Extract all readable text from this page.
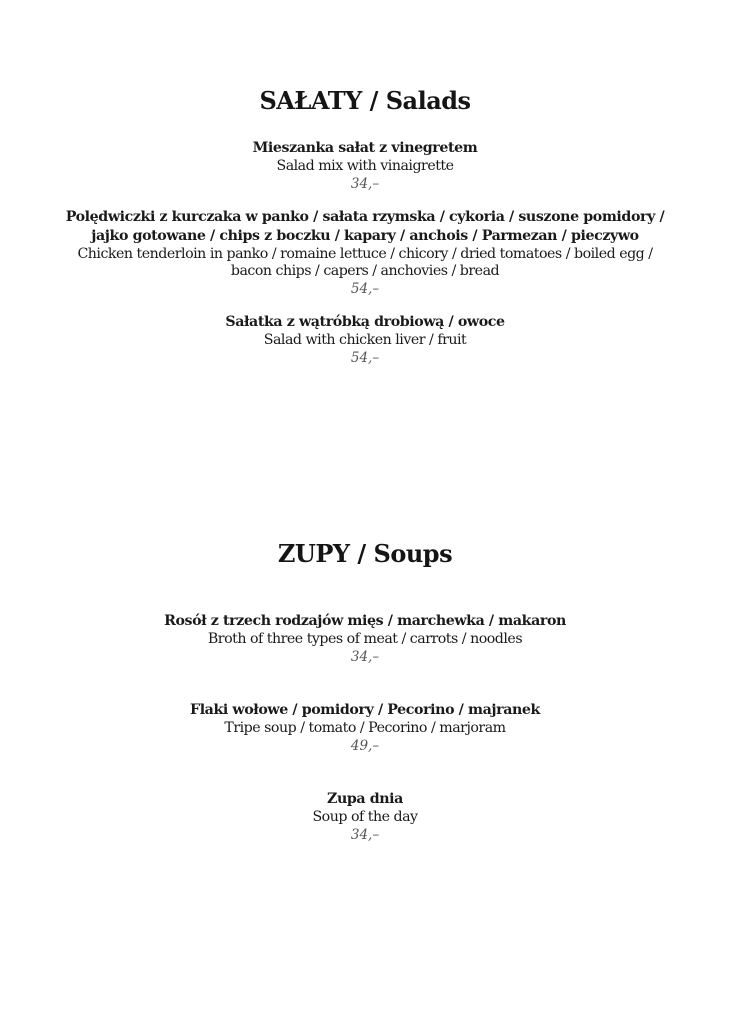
SAŁATY / Salads
Mieszanka sałat z vinegretem
Salad mix with vinaigrette
34,–
Polędwiczki z kurczaka w panko / sałata rzymska / cykoria / suszone pomidory /
jajko gotowane / chips z boczku / kapary / anchois / Parmezan / pieczywo
Chicken tenderloin in panko / romaine lettuce / chicory / dried tomatoes / boiled egg /
bacon chips / capers / anchovies / bread
54,–
Sałatka z wątróbką drobiową / owoce
Salad with chicken liver / fruit
54,–
ZUPY / Soups
Rosół z trzech rodzajów mięs / marchewka / makaron
Broth of three types of meat / carrots / noodles
34,–
Flaki wołowe / pomidory / Pecorino / majranek
Tripe soup / tomato / Pecorino / marjoram
49,–
Zupa dnia
Soup of the day
34,–
